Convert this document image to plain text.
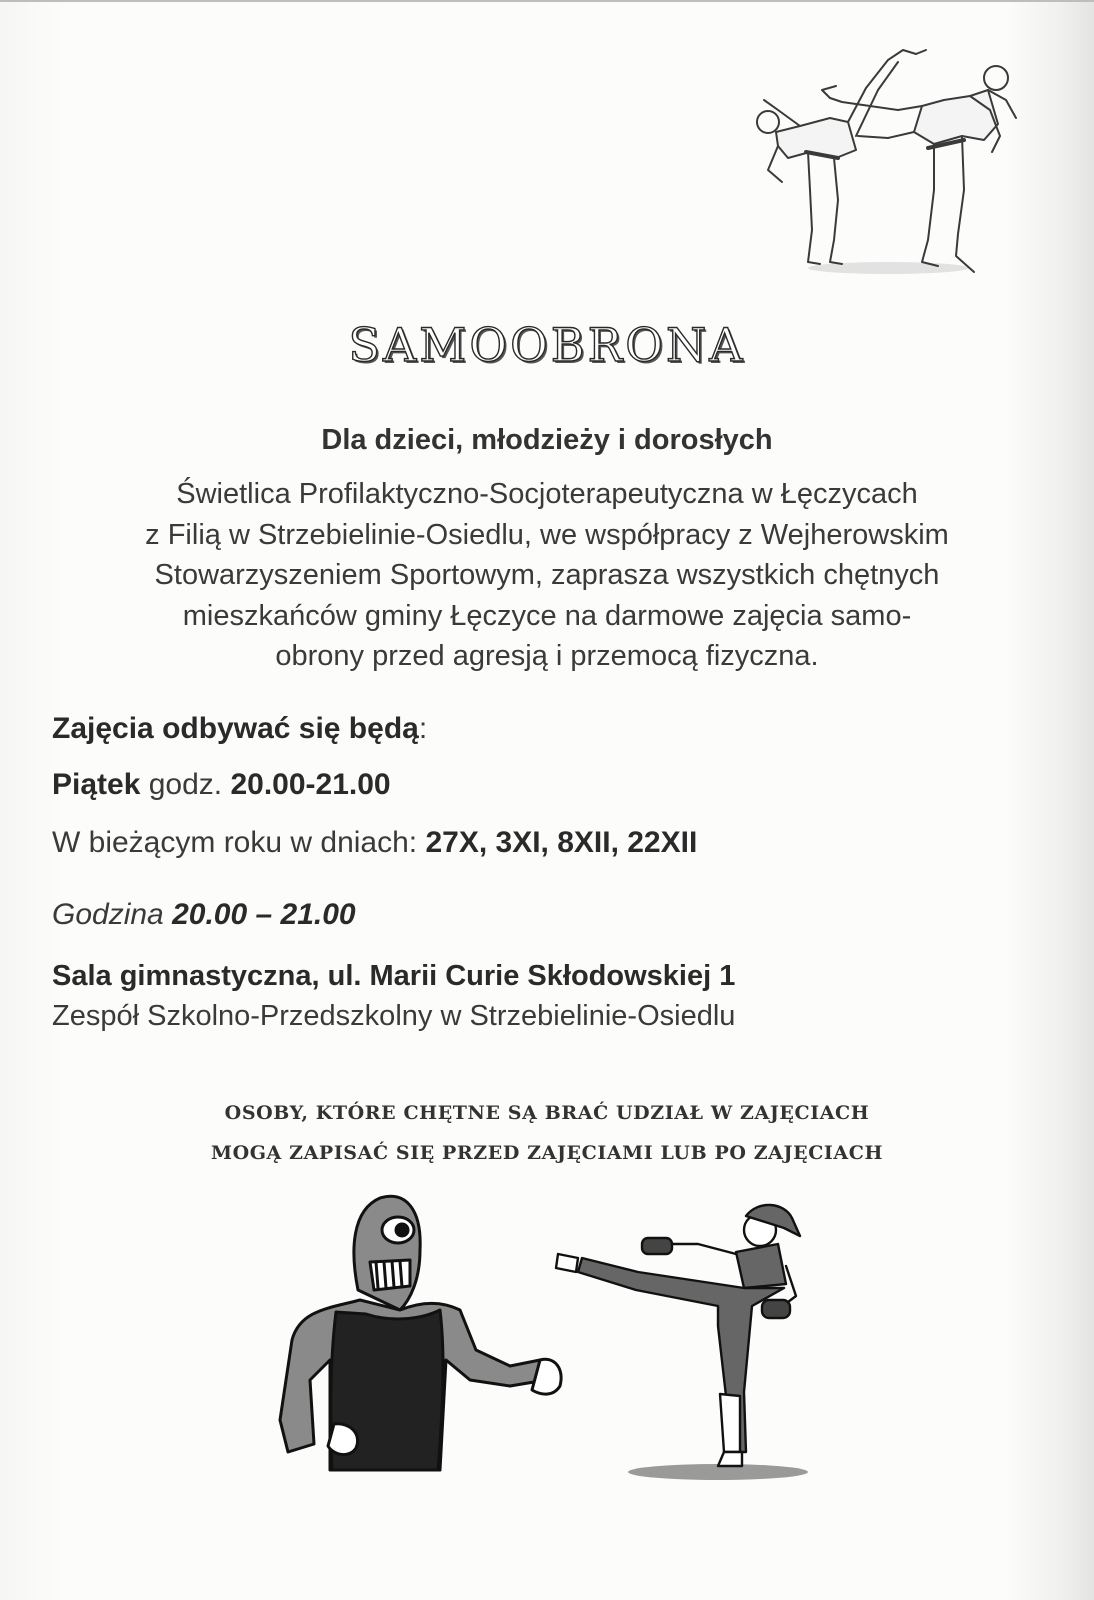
SAMOOBRONA
Dla dzieci, młodzieży i dorosłych
Świetlica Profilaktyczno-Socjoterapeutyczna w Łęczycach
z Filią w Strzebielinie-Osiedlu, we współpracy z Wejherowskim
Stowarzyszeniem Sportowym, zaprasza wszystkich chętnych
mieszkańców gminy Łęczyce na darmowe zajęcia samo-
obrony przed agresją i przemocą fizyczna.
Zajęcia odbywać się będą:
Piątek godz. 20.00-21.00
W bieżącym roku w dniach: 27X, 3XI, 8XII, 22XII
Godzina 20.00 – 21.00
Sala gimnastyczna, ul. Marii Curie Skłodowskiej 1
Zespół Szkolno-Przedszkolny w Strzebielinie-Osiedlu
OSOBY, KTÓRE CHĘTNE SĄ BRAĆ UDZIAŁ W ZAJĘCIACH
MOGĄ ZAPISAĆ SIĘ PRZED ZAJĘCIAMI LUB PO ZAJĘCIACH
